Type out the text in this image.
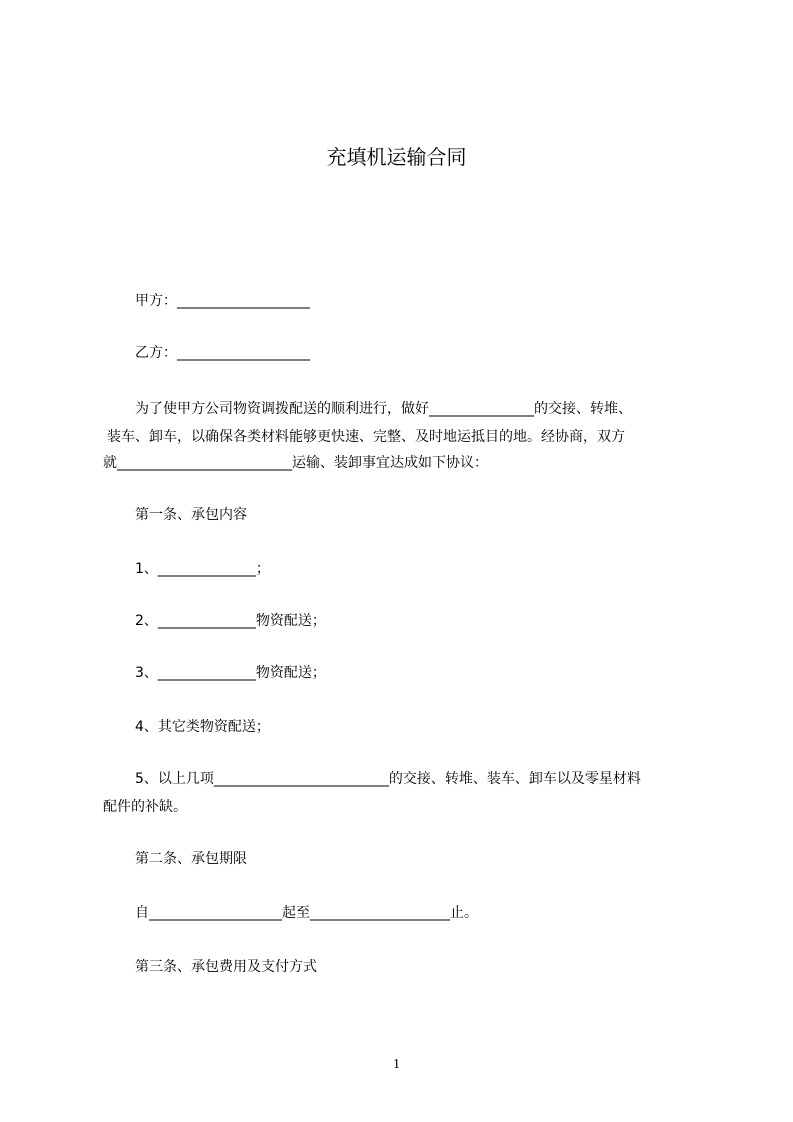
充填机运输合同
甲方：___________________
乙方：___________________
为了使甲方公司物资调拨配送的顺利进行，做好_______________的交接、转堆、
装车、卸车，以确保各类材料能够更快速、完整、及时地运抵目的地。经协商，双方
就_________________________运输、装卸事宜达成如下协议：
第一条、承包内容
1、______________；
2、______________物资配送；
3、______________物资配送；
4、其它类物资配送；
5、以上几项_________________________的交接、转堆、装车、卸车以及零星材料
配件的补缺。
第二条、承包期限
自___________________起至____________________止。
第三条、承包费用及支付方式
1
